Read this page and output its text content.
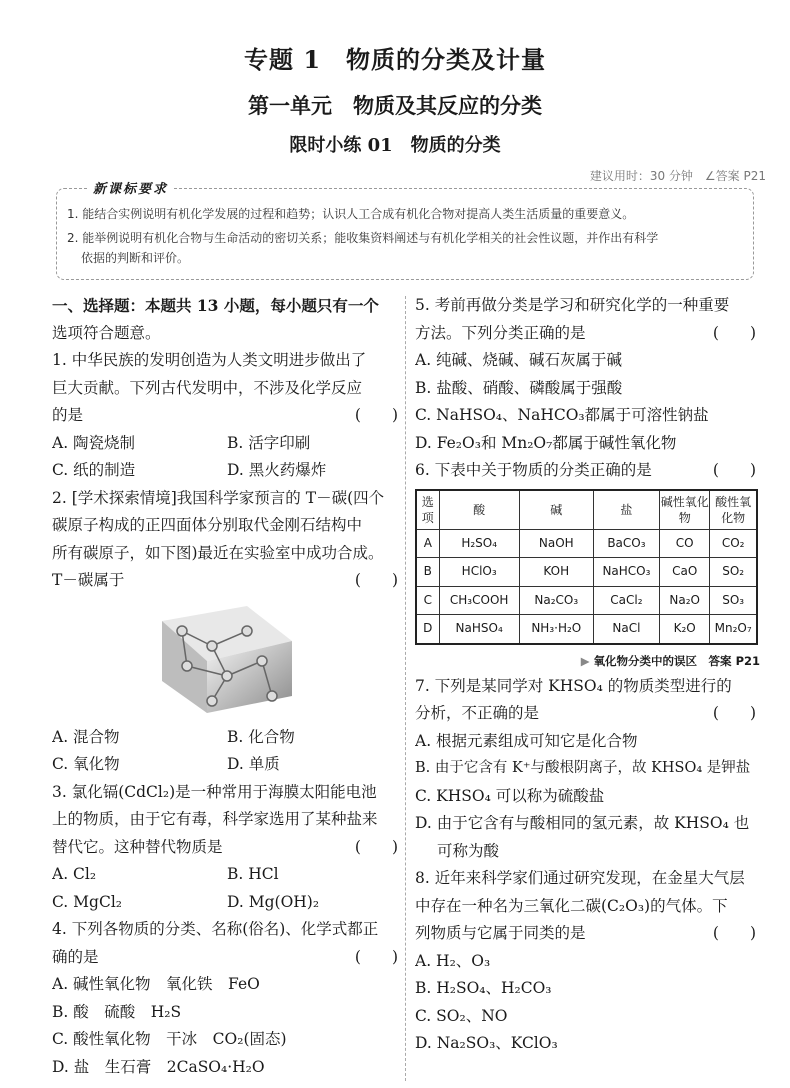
专题 1　物质的分类及计量
第一单元　物质及其反应的分类
限时小练 01　物质的分类
建议用时：30 分钟　∠答案 P21
新课标要求
1. 能结合实例说明有机化学发展的过程和趋势；认识人工合成有机化合物对提高人类生活质量的重要意义。
2. 能举例说明有机化合物与生命活动的密切关系；能收集资料阐述与有机化学相关的社会性议题，并作出有科学
依据的判断和评价。
一、选择题：本题共 13 小题，每小题只有一个
选项符合题意。
1. 中华民族的发明创造为人类文明进步做出了
巨大贡献。下列古代发明中，不涉及化学反应
的是	(　　)
A. 陶瓷烧制	B. 活字印刷
C. 纸的制造	D. 黑火药爆炸
2. [学术探索情境]我国科学家预言的 T－碳(四个
碳原子构成的正四面体分别取代金刚石结构中
所有碳原子，如下图)最近在实验室中成功合成。
T－碳属于	(　　)
A. 混合物	B. 化合物
C. 氧化物	D. 单质
3. 氯化镉(CdCl₂)是一种常用于海膜太阳能电池
上的物质，由于它有毒，科学家选用了某种盐来
替代它。这种替代物质是	(　　)
A. Cl₂	B. HCl
C. MgCl₂	D. Mg(OH)₂
4. 下列各物质的分类、名称(俗名)、化学式都正
确的是	(　　)
A. 碱性氧化物　氧化铁　FeO
B. 酸　硫酸　H₂S
C. 酸性氧化物　干冰　CO₂(固态)
D. 盐　生石膏　2CaSO₄·H₂O
5. 考前再做分类是学习和研究化学的一种重要
方法。下列分类正确的是	(　　)
A. 纯碱、烧碱、碱石灰属于碱
B. 盐酸、硝酸、磷酸属于强酸
C. NaHSO₄、NaHCO₃都属于可溶性钠盐
D. Fe₂O₃和 Mn₂O₇都属于碱性氧化物
6. 下表中关于物质的分类正确的是	(　　)
选项	酸	碱	盐	碱性氧化物	酸性氧化物
A	H₂SO₄	NaOH	BaCO₃	CO	CO₂
B	HClO₃	KOH	NaHCO₃	CaO	SO₂
C	CH₃COOH	Na₂CO₃	CaCl₂	Na₂O	SO₃
D	NaHSO₄	NH₃·H₂O	NaCl	K₂O	Mn₂O₇
▶ 氧化物分类中的误区　答案 P21
7. 下列是某同学对 KHSO₄ 的物质类型进行的
分析，不正确的是	(　　)
A. 根据元素组成可知它是化合物
B. 由于它含有 K⁺与酸根阴离子，故 KHSO₄ 是钾盐
C. KHSO₄ 可以称为硫酸盐
D. 由于它含有与酸相同的氢元素，故 KHSO₄ 也
可称为酸
8. 近年来科学家们通过研究发现，在金星大气层
中存在一种名为三氧化二碳(C₂O₃)的气体。下
列物质与它属于同类的是	(　　)
A. H₂、O₃
B. H₂SO₄、H₂CO₃
C. SO₂、NO
D. Na₂SO₃、KClO₃
